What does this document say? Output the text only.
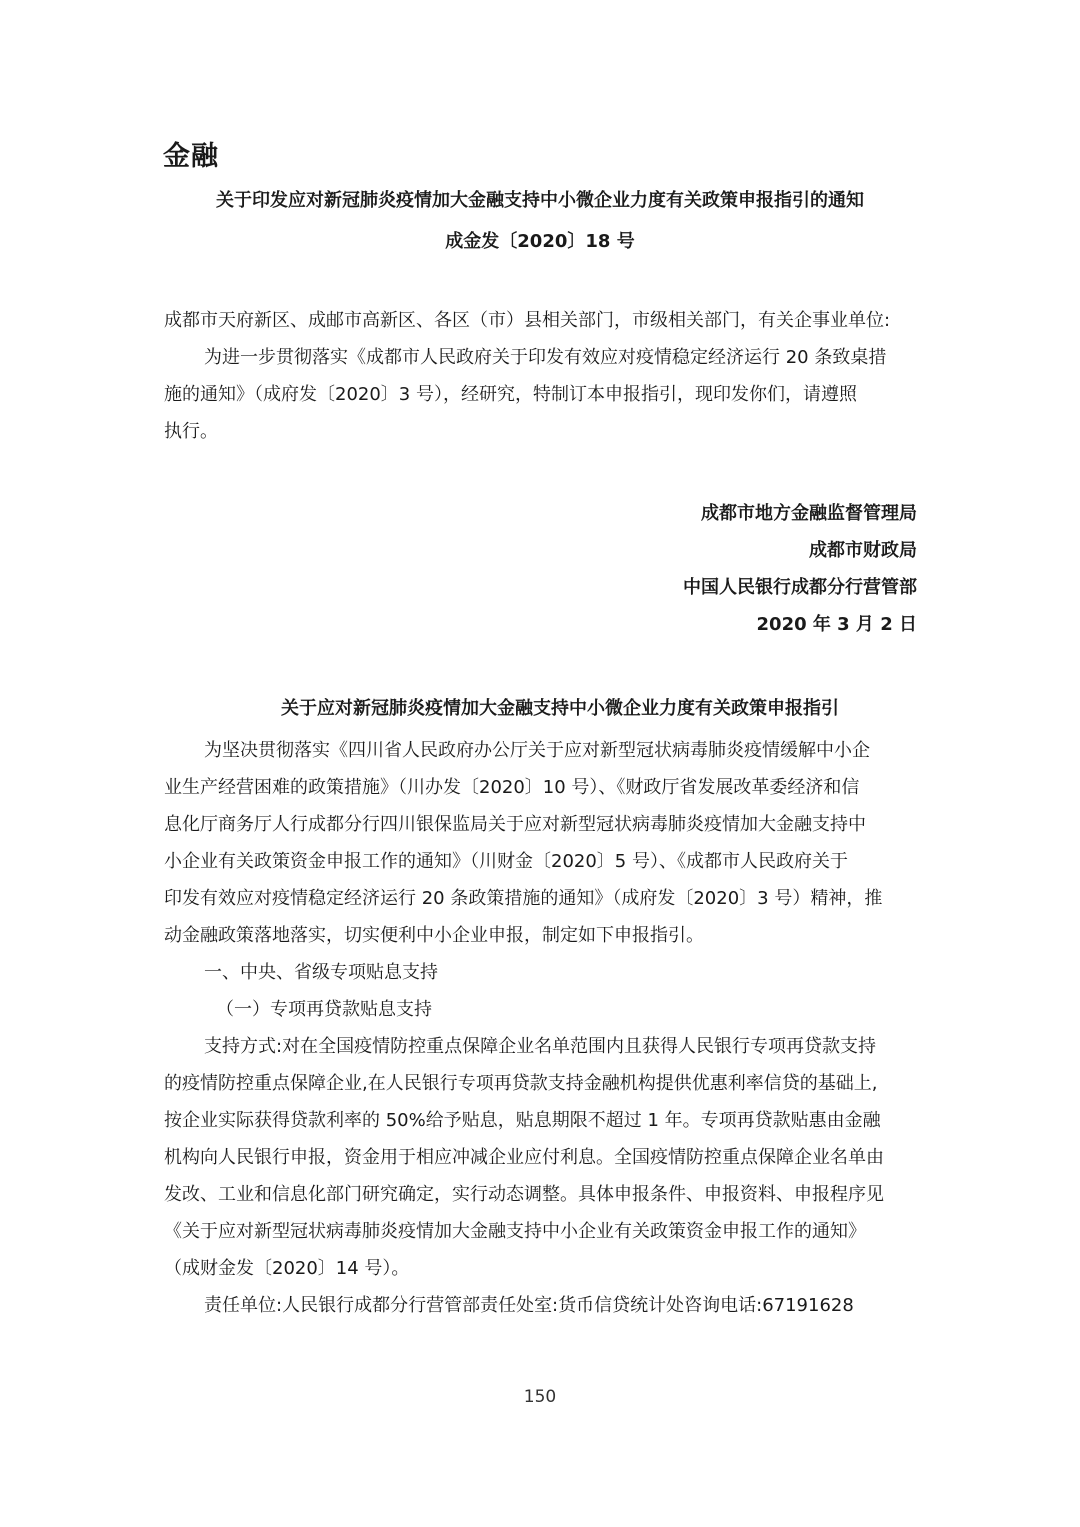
金融
关于印发应对新冠肺炎疫情加大金融支持中小微企业力度有关政策申报指引的通知
成金发〔2020〕18 号
成都市天府新区、成邮市高新区、各区（市）县相关部门，市级相关部门，有关企事业单位:
为进一步贯彻落实《成都市人民政府关于印发有效应对疫情稳定经济运行 20 条致桌措
施的通知》（成府发〔2020〕3 号），经研究，特制订本申报指引，现印发你们，请遵照
执行。
成都市地方金融监督管理局
成都市财政局
中国人民银行成都分行营管部
2020 年 3 月 2 日
关于应对新冠肺炎疫情加大金融支持中小微企业力度有关政策申报指引
为坚决贯彻落实《四川省人民政府办公厅关于应对新型冠状病毒肺炎疫情缓解中小企
业生产经营困难的政策措施》（川办发〔2020〕10 号）、《财政厅省发展改革委经济和信
息化厅商务厅人行成都分行四川银保监局关于应对新型冠状病毒肺炎疫情加大金融支持中
小企业有关政策资金申报工作的通知》（川财金〔2020〕5 号）、《成都市人民政府关于
印发有效应对疫情稳定经济运行 20 条政策措施的通知》（成府发〔2020〕3 号）精神，推
动金融政策落地落实，切实便利中小企业申报，制定如下申报指引。
一、中央、省级专项贴息支持
（一）专项再贷款贴息支持
支持方式:对在全国疫情防控重点保障企业名单范围内且获得人民银行专项再贷款支持
的疫情防控重点保障企业,在人民银行专项再贷款支持金融机构提供优惠利率信贷的基础上,
按企业实际获得贷款利率的 50%给予贴息，贴息期限不超过 1 年。专项再贷款贴惠由金融
机构向人民银行申报，资金用于相应冲减企业应付利息。全国疫情防控重点保障企业名单由
发改、工业和信息化部门研究确定，实行动态调整。具体申报条件、申报资料、申报程序见
《关于应对新型冠状病毒肺炎疫情加大金融支持中小企业有关政策资金申报工作的通知》
（成财金发〔2020〕14 号）。
责任单位:人民银行成都分行营管部责任处室:货币信贷统计处咨询电话:67191628
150
